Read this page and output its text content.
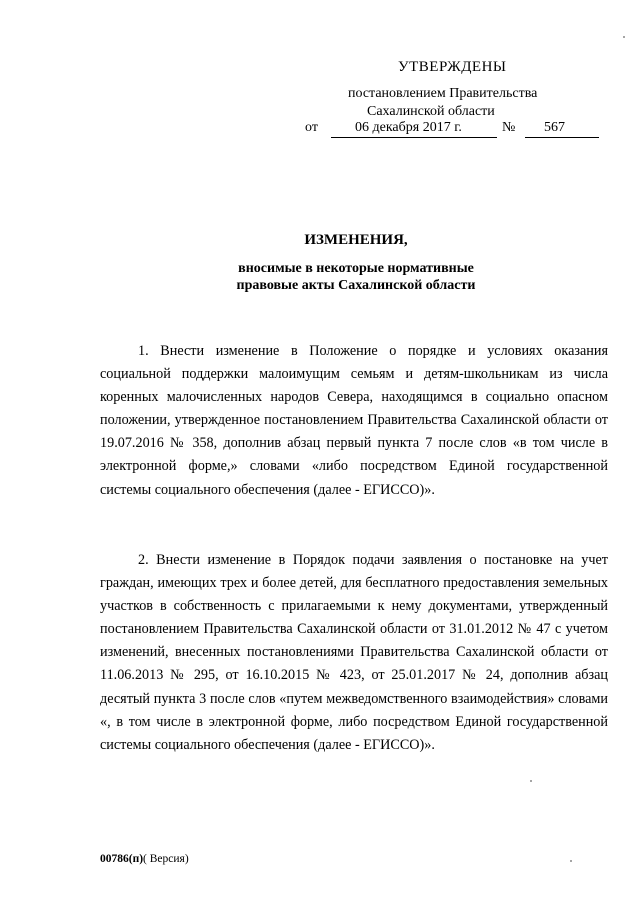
УТВЕРЖДЕНЫ
постановлением Правительства
Сахалинской области
от	06 декабря 2017 г.	№ 567
ИЗМЕНЕНИЯ,
вносимые в некоторые нормативные
правовые акты Сахалинской области
1. Внести изменение в Положение о порядке и условиях оказания социальной поддержки малоимущим семьям и детям-школьникам из числа коренных малочисленных народов Севера, находящимся в социально опасном положении, утвержденное постановлением Правительства Сахалинской области от 19.07.2016 № 358, дополнив абзац первый пункта 7 после слов «в том числе в электронной форме,» словами «либо посредством Единой государственной системы социального обеспечения (далее - ЕГИССО)».
2. Внести изменение в Порядок подачи заявления о постановке на учет граждан, имеющих трех и более детей, для бесплатного предоставления земельных участков в собственность с прилагаемыми к нему документами, утвержденный постановлением Правительства Сахалинской области от 31.01.2012 № 47 с учетом изменений, внесенных постановлениями Правительства Сахалинской области от 11.06.2013 № 295, от 16.10.2015 № 423, от 25.01.2017 № 24, дополнив абзац десятый пункта 3 после слов «путем межведомственного взаимодействия» словами «, в том числе в электронной форме, либо посредством Единой государственной системы социального обеспечения (далее - ЕГИССО)».
00786(п)( Версия)
